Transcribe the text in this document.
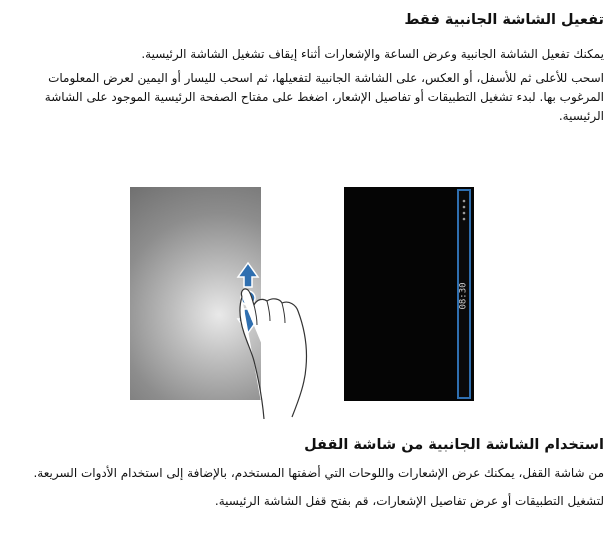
تفعيل الشاشة الجانبية فقط
يمكنك تفعيل الشاشة الجانبية وعرض الساعة والإشعارات أثناء إيقاف تشغيل الشاشة الرئيسية.
اسحب للأعلى ثم للأسفل، أو العكس، على الشاشة الجانبية لتفعيلها، ثم اسحب لليسار أو اليمين لعرض المعلومات المرغوب بها. لبدء تشغيل التطبيقات أو تفاصيل الإشعار، اضغط على مفتاح الصفحة الرئيسية الموجود على الشاشة الرئيسية.
08:30
استخدام الشاشة الجانبية من شاشة القفل
من شاشة القفل، يمكنك عرض الإشعارات واللوحات التي أضفتها المستخدم، بالإضافة إلى استخدام الأدوات السريعة.
لتشغيل التطبيقات أو عرض تفاصيل الإشعارات، قم بفتح قفل الشاشة الرئيسية.
